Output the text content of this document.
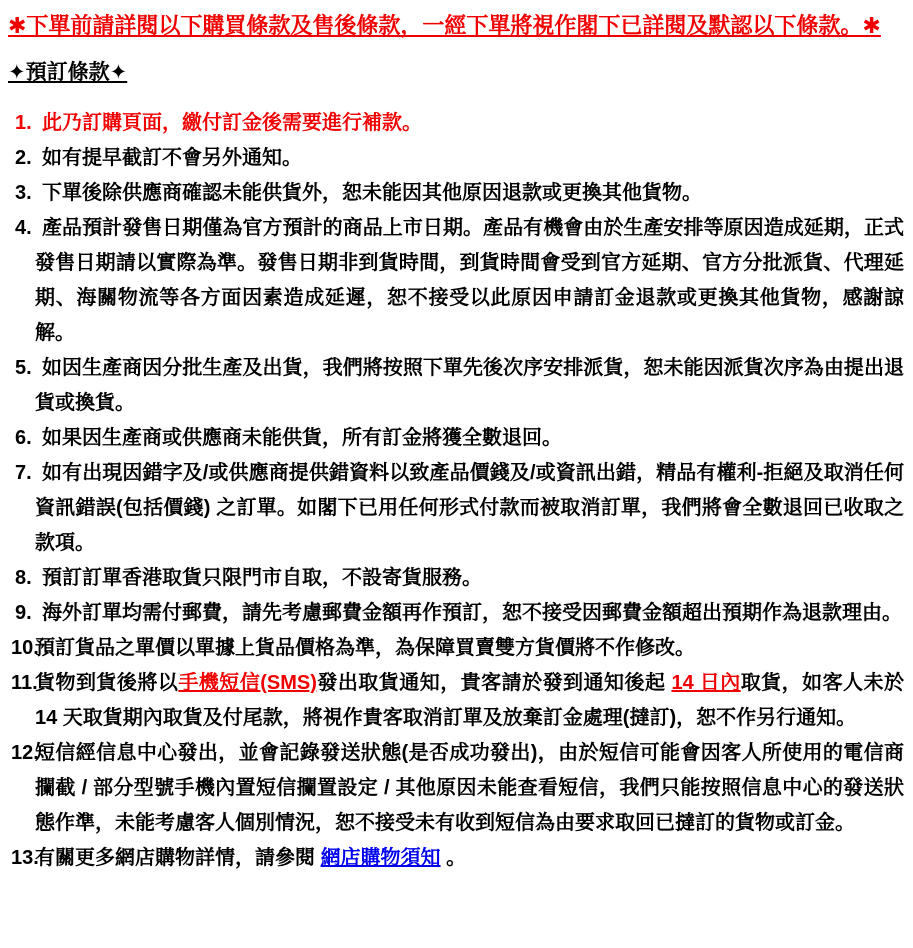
✱下單前請詳閱以下購買條款及售後條款，一經下單將視作閣下已詳閱及默認以下條款。✱
✦預訂條款✦
1. 此乃訂購頁面，繳付訂金後需要進行補款。
2. 如有提早截訂不會另外通知。
3. 下單後除供應商確認未能供貨外，恕未能因其他原因退款或更換其他貨物。
4. 產品預計發售日期僅為官方預計的商品上市日期。產品有機會由於生產安排等原因造成延期，正式發售日期請以實際為準。發售日期非到貨時間，到貨時間會受到官方延期、官方分批派貨、代理延期、海關物流等各方面因素造成延遲，恕不接受以此原因申請訂金退款或更換其他貨物，感謝諒解。
5. 如因生產商因分批生產及出貨，我們將按照下單先後次序安排派貨，恕未能因派貨次序為由提出退貨或換貨。
6. 如果因生產商或供應商未能供貨，所有訂金將獲全數退回。
7. 如有出現因錯字及/或供應商提供錯資料以致產品價錢及/或資訊出錯，精品有權利-拒絕及取消任何資訊錯誤(包括價錢) 之訂單。如閣下已用任何形式付款而被取消訂單，我們將會全數退回已收取之款項。
8. 預訂訂單香港取貨只限門市自取，不設寄貨服務。
9. 海外訂單均需付郵費，請先考慮郵費金額再作預訂，恕不接受因郵費金額超出預期作為退款理由。
10.
預訂貨品之單價以單據上貨品價格為準，為保障買賣雙方貨價將不作修改。
11.
貨物到貨後將以手機短信(SMS)發出取貨通知，貴客請於發到通知後起 14 日內取貨，如客人未於 14 天取貨期內取貨及付尾款，將視作貴客取消訂單及放棄訂金處理(撻訂)，恕不作另行通知。
12.
短信經信息中心發出，並會記錄發送狀態(是否成功發出)，由於短信可能會因客人所使用的電信商攔截 / 部分型號手機內置短信攔置設定 / 其他原因未能查看短信，我們只能按照信息中心的發送狀態作準，未能考慮客人個別情況，恕不接受未有收到短信為由要求取回已撻訂的貨物或訂金。
13.
有關更多網店購物詳情，請參閱 網店購物須知 。
